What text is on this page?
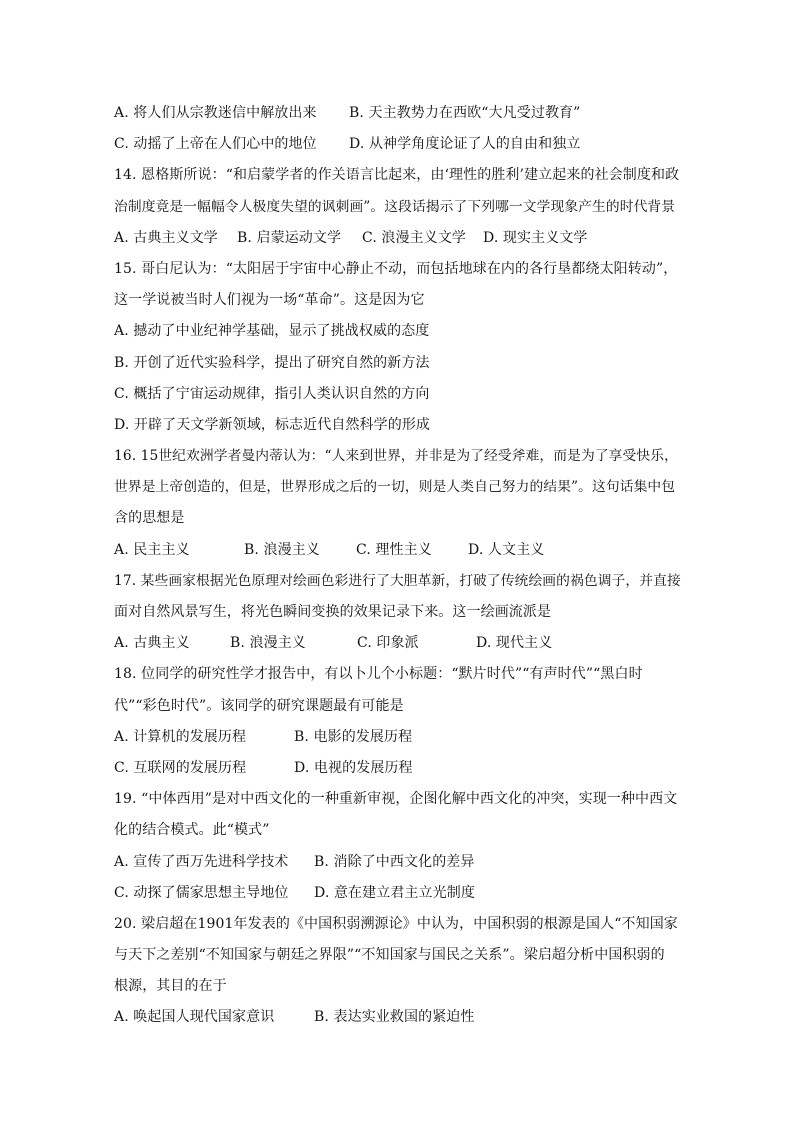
A. 将人们从宗教迷信中解放出来 B. 天主教势力在西欧“大凡受过教育”
C. 动摇了上帝在人们心中的地位 D. 从神学角度论证了人的自由和独立
14. 恩格斯所说：“和启蒙学者的作关语言比起来，由‘理性的胜利’建立起来的社会制度和政
治制度竟是一幅幅令人极度失望的讽刺画”。这段话揭示了下列哪一文学现象产生的时代背景
A. 古典主义文学 B. 启蒙运动文学 C. 浪漫主义文学 D. 现实主义文学
15. 哥白尼认为：“太阳居于宇宙中心静止不动，而包括地球在内的各行垦都绕太阳转动”，
这一学说被当时人们视为一场“革命”。这是因为它
A. 撼动了中业纪神学基础，显示了挑战权威的态度
B. 开创了近代实验科学，提出了研究自然的新方法
C. 概括了宁宙运动规律，指引人类认识自然的方向
D. 开辟了天文学新领域，标志近代自然科学的形成
16. 15世纪欢洲学者曼内蒂认为：“人来到世界，并非是为了经受斧难，而是为了享受快乐，
世界是上帝创造的，但是，世界形成之后的一切，则是人类自己努力的结果”。这句话集中包
含的思想是
A. 民主主义	B. 浪漫主义	C. 理性主义	D. 人文主义
17. 某些画家根据光色原理对绘画色彩进行了大胆革新，打破了传统绘画的祸色调子，并直接
面对自然风景写生，将光色瞬间变换的效果记录下来。这一绘画流派是
A. 古典主义	B. 浪漫主义	C. 印象派	D. 现代主义
18. 位同学的研究性学才报告中，有以卜儿个小标题：“默片时代”“有声时代”“黑白时
代”“彩色时代”。该同学的研究课题最有可能是
A. 计算机的发展历程	B. 电影的发展历程
C. 互联网的发展历程	D. 电视的发展历程
19. “中体西用”是对中西文化的一种重新审视，企图化解中西文化的冲突，实现一种中西文
化的结合模式。此“模式”
A. 宣传了西万先进科学技术 B. 消除了中西文化的差异
C. 动探了儒家思想主导地位 D. 意在建立君主立光制度
20. 梁启超在1901年发表的《中国积弱溯源论》中认为，中国积弱的根源是国人“不知国家
与天下之差别“不知国家与朝廷之界限”“不知国家与国民之关系”。梁启超分析中国积弱的
根源，其目的在于
A. 唤起国人现代国家意识	B. 表达实业救国的紧迫性
